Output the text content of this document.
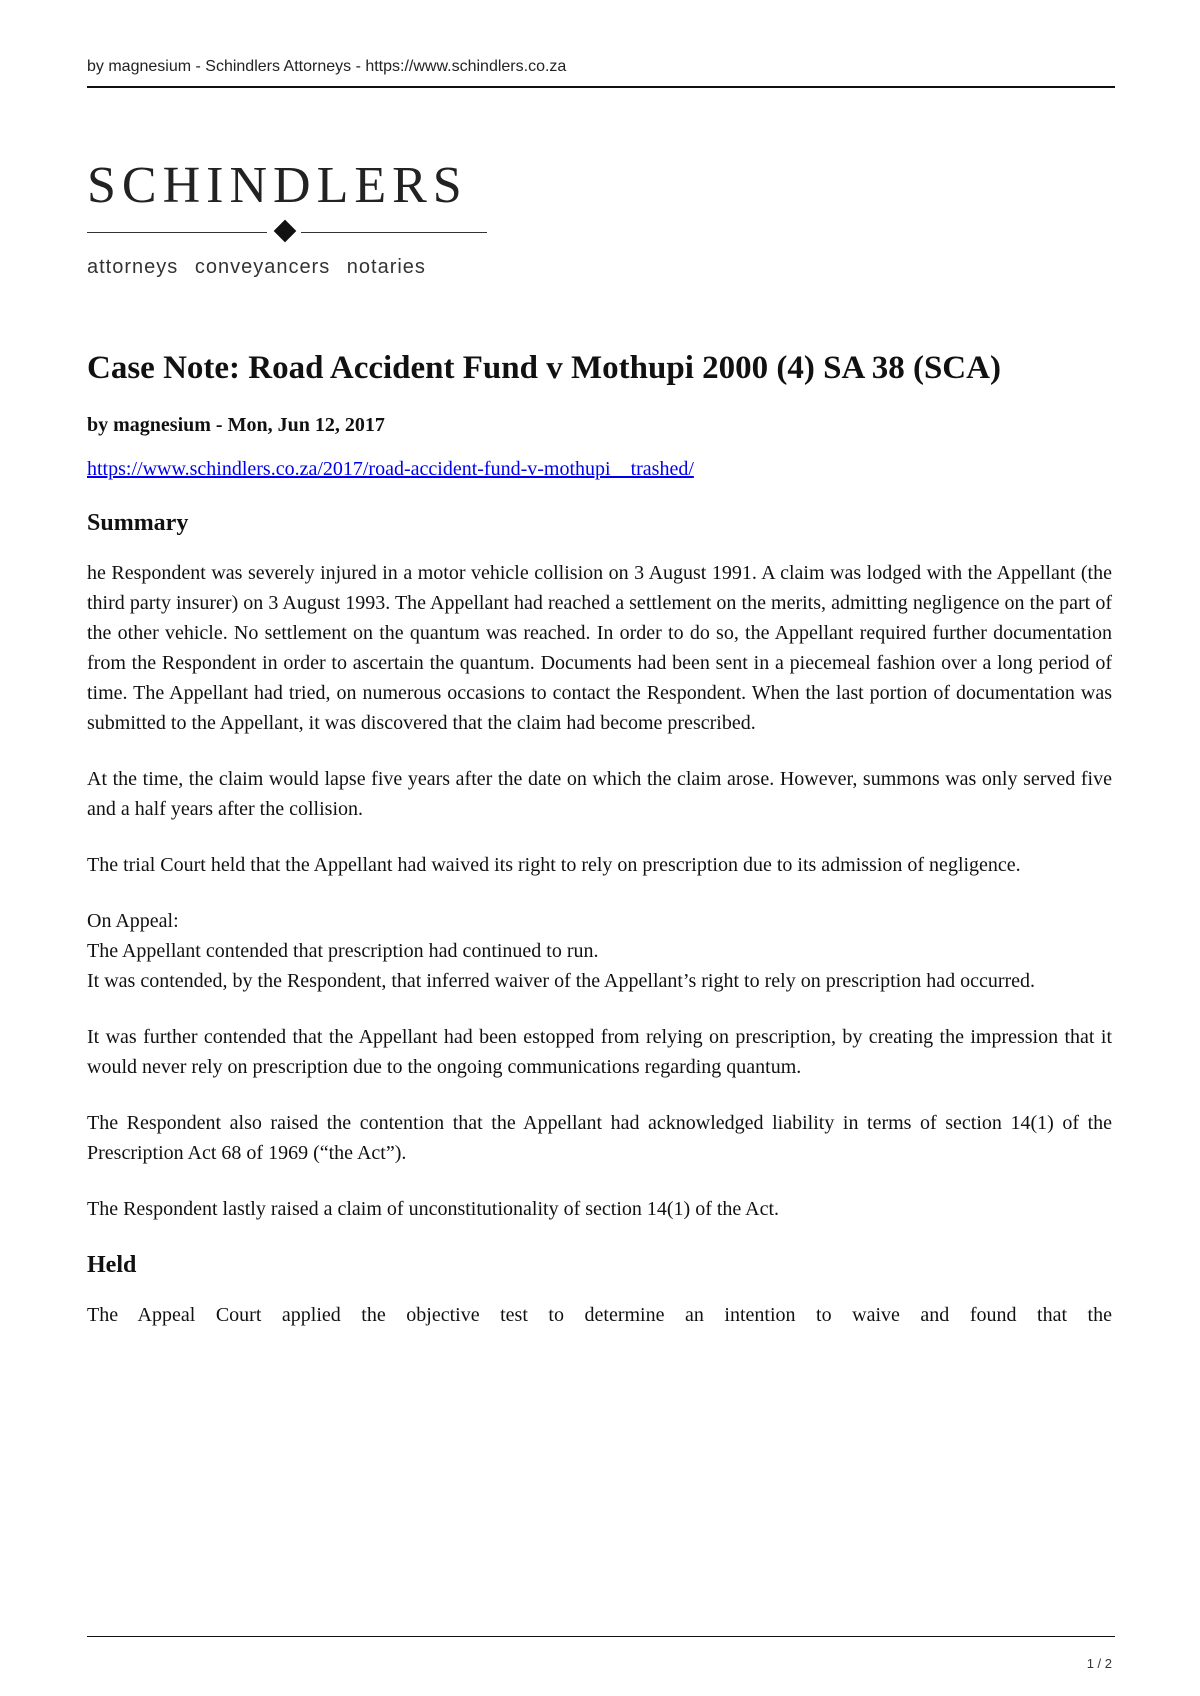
by magnesium - Schindlers Attorneys - https://www.schindlers.co.za
SCHINDLERS
attorneys conveyancers notaries
Case Note: Road Accident Fund v Mothupi 2000 (4) SA 38 (SCA)
by magnesium - Mon, Jun 12, 2017
https://www.schindlers.co.za/2017/road-accident-fund-v-mothupi__trashed/
Summary

he Respondent was severely injured in a motor vehicle collision on 3 August 1991. A claim was lodged with the Appellant (the third party insurer) on 3 August 1993. The Appellant had reached a settlement on the merits, admitting negligence on the part of the other vehicle. No settlement on the quantum was reached. In order to do so, the Appellant required further documentation from the Respondent in order to ascertain the quantum. Documents had been sent in a piecemeal fashion over a long period of time. The Appellant had tried, on numerous occasions to contact the Respondent. When the last portion of documentation was submitted to the Appellant, it was discovered that the claim had become prescribed.

At the time, the claim would lapse five years after the date on which the claim arose. However, summons was only served five and a half years after the collision.

The trial Court held that the Appellant had waived its right to rely on prescription due to its admission of negligence.

On Appeal:
The Appellant contended that prescription had continued to run.
It was contended, by the Respondent, that inferred waiver of the Appellant’s right to rely on prescription had occurred.

It was further contended that the Appellant had been estopped from relying on prescription, by creating the impression that it would never rely on prescription due to the ongoing communications regarding quantum.

The Respondent also raised the contention that the Appellant had acknowledged liability in terms of section 14(1) of the Prescription Act 68 of 1969 (“the Act”).

The Respondent lastly raised a claim of unconstitutionality of section 14(1) of the Act.

Held

The Appeal Court applied the objective test to determine an intention to waive and found that the

1 / 2
